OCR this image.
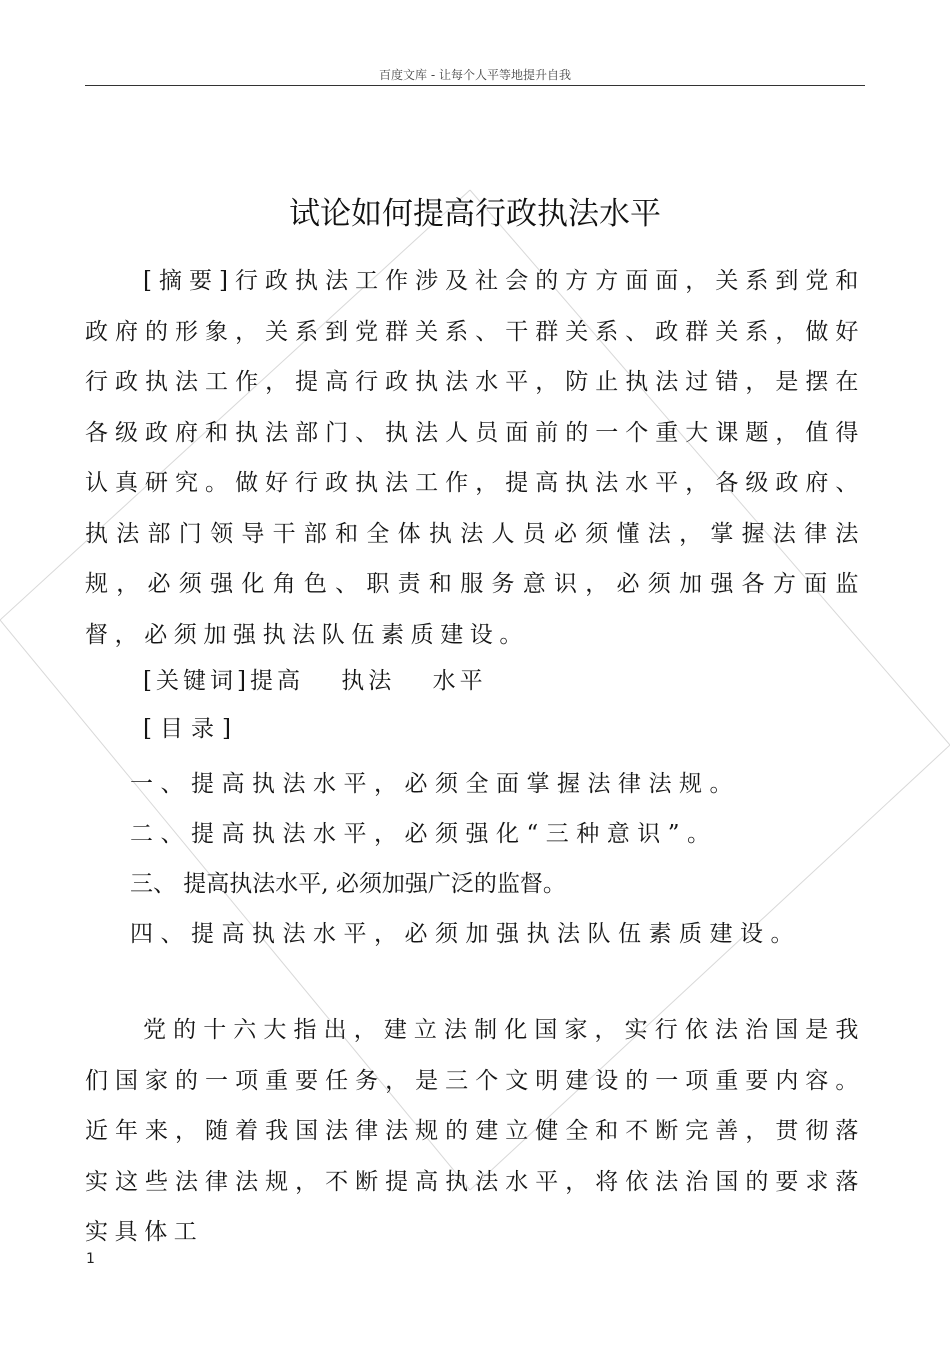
百度文库 - 让每个人平等地提升自我
试论如何提高行政执法水平
[摘要]行政执法工作涉及社会的方方面面，关系到党和政府的形象，关系到党群关系、干群关系、政群关系，做好行政执法工作，提高行政执法水平，防止执法过错，是摆在各级政府和执法部门、执法人员面前的一个重大课题，值得认真研究。做好行政执法工作，提高执法水平，各级政府、执法部门领导干部和全体执法人员必须懂法，掌握法律法规，必须强化角色、职责和服务意识，必须加强各方面监督，必须加强执法队伍素质建设。
[关键词]提高 执法 水平
[目录]
一、提高执法水平，必须全面掌握法律法规。
二、提高执法水平，必须强化“三种意识”。
三、 提高执法水平, 必须加强广泛的监督。
四、提高执法水平，必须加强执法队伍素质建设。
党的十六大指出，建立法制化国家，实行依法治国是我们国家的一项重要任务，是三个文明建设的一项重要内容。近年来，随着我国法律法规的建立健全和不断完善，贯彻落实这些法律法规，不断提高执法水平，将依法治国的要求落实具体工
1
